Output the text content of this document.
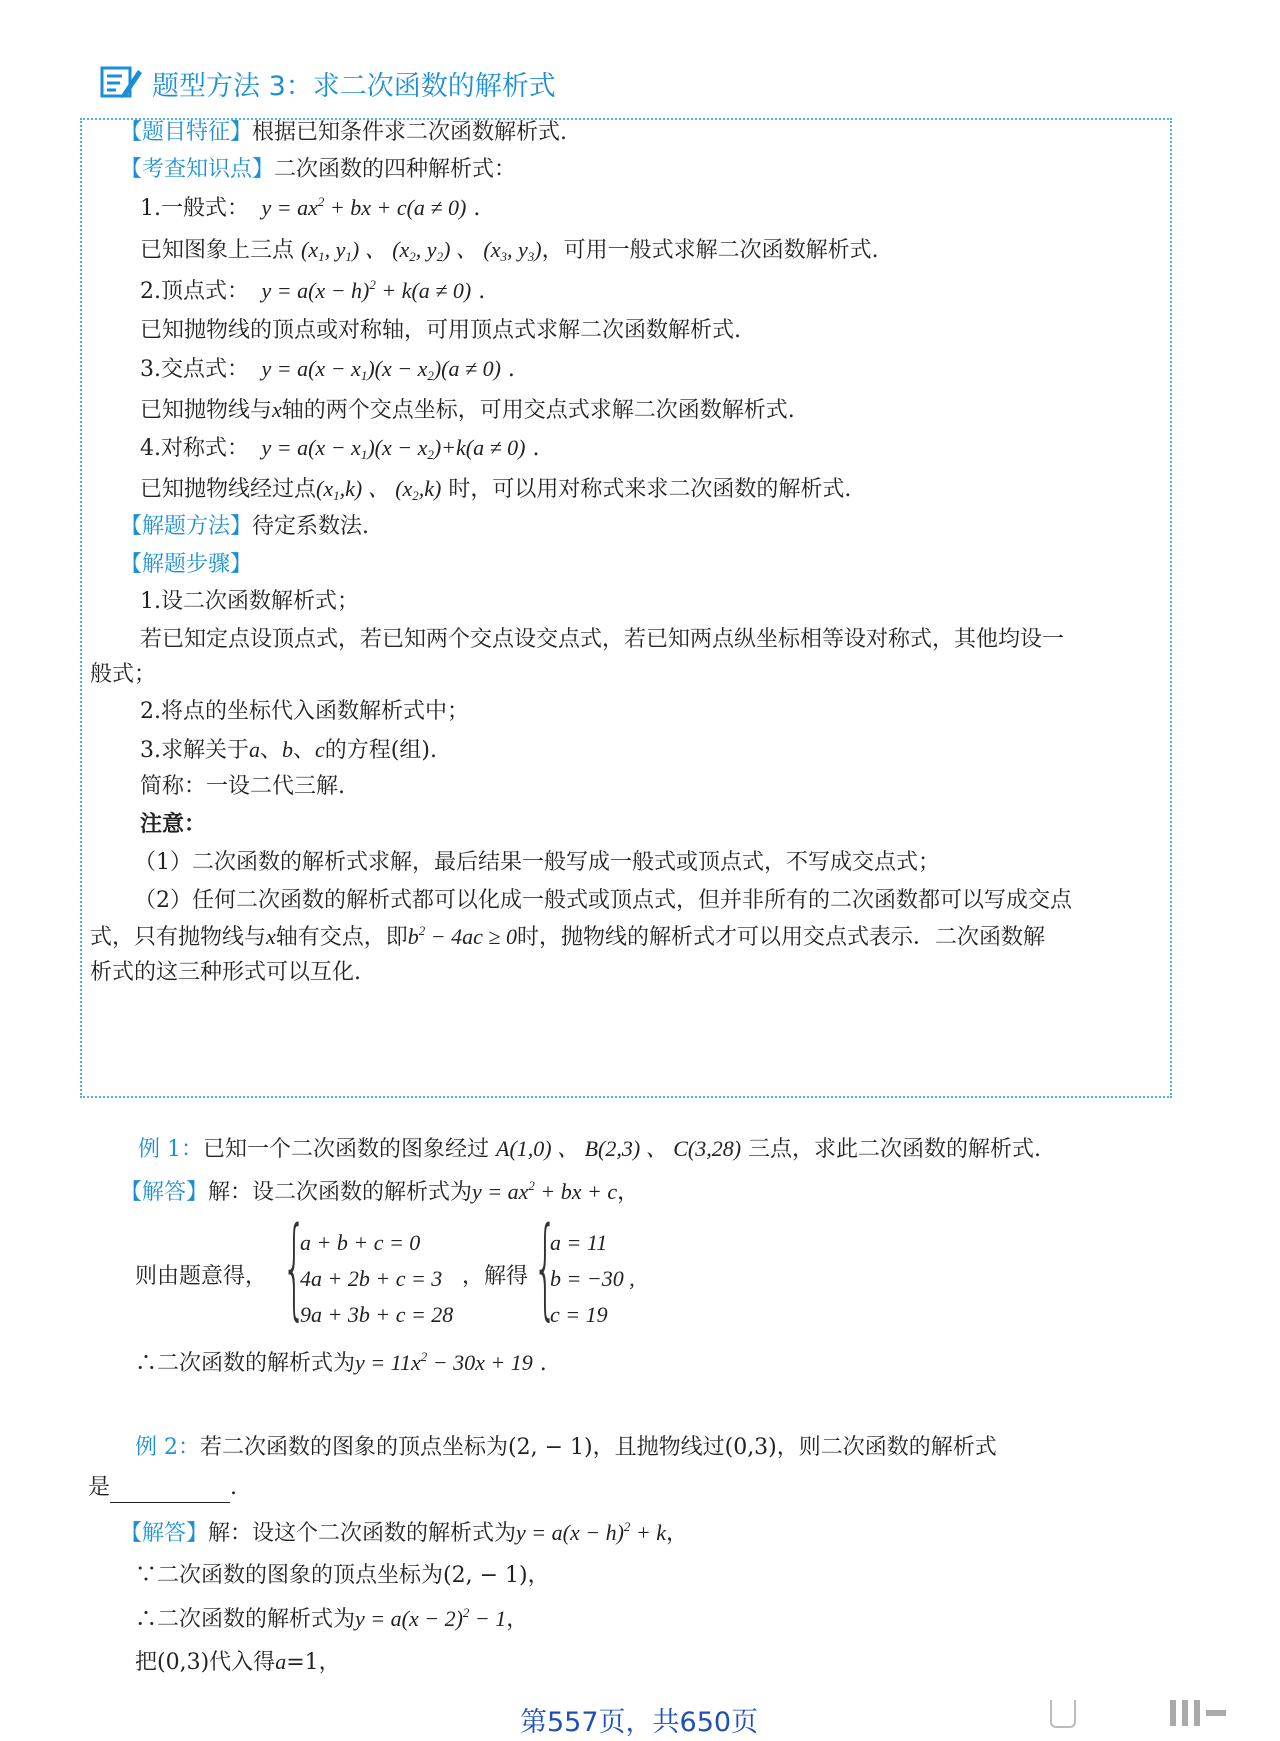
题型方法 3：求二次函数的解析式
【题目特征】根据已知条件求二次函数解析式.
【考查知识点】二次函数的四种解析式：
1.一般式：  $y = ax^2$ + bx + c(a ≠ 0) .
已知图象上三点 ($x_1$, $y_1$) 、 ($x_2$, $y_2$) 、 ($x_3$, $y_3$)，可用一般式求解二次函数解析式.
2.顶点式：  $y = a(x - h)^2 + k(a \ne 0)$ .
已知抛物线的顶点或对称轴，可用顶点式求解二次函数解析式.
3.交点式：  $y = a(x - x_1)(x - x_2)(a \ne 0)$ .
已知抛物线与x轴的两个交点坐标，可用交点式求解二次函数解析式.
4.对称式：  $y = a(x - x_1)(x - x_2)+k(a \ne 0)$ .
已知抛物线经过点$(x_1,k)$ 、 $(x_2,k)$ 时，可以用对称式来求二次函数的解析式.
【解题方法】待定系数法.
【解题步骤】
1.设二次函数解析式；
若已知定点设顶点式，若已知两个交点设交点式，若已知两点纵坐标相等设对称式，其他均设一
般式；
2.将点的坐标代入函数解析式中；
3.求解关于a、b、c的方程(组).
简称：一设二代三解.
注意：
（1）二次函数的解析式求解，最后结果一般写成一般式或顶点式，不写成交点式；
（2）任何二次函数的解析式都可以化成一般式或顶点式，但并非所有的二次函数都可以写成交点
式，只有抛物线与x轴有交点，即$b^2 - 4ac \ge 0$时，抛物线的解析式才可以用交点式表示．二次函数解
析式的这三种形式可以互化.
例 1：已知一个二次函数的图象经过 A(1,0) 、 B(2,3) 、 C(3,28) 三点，求此二次函数的解析式.
【解答】解：设二次函数的解析式为$y = ax^2$ + bx + c，
则由题意得， {
a + b + c = 0
4a + 2b + c = 3
9a + 3b + c = 28
，解得 {
a = 11
b = −30 ,
c = 19
∴二次函数的解析式为$y = 11x^2 - 30x + 19$ .
例 2：若二次函数的图象的顶点坐标为(2, − 1)，且抛物线过(0,3)，则二次函数的解析式
是	.
【解答】解：设这个二次函数的解析式为$y = a(x - h)^2 + k$，
∵二次函数的图象的顶点坐标为(2, − 1)，
∴二次函数的解析式为$y = a(x - 2)^2 - 1$，
把(0,3)代入得a=1，
第557页，共650页
